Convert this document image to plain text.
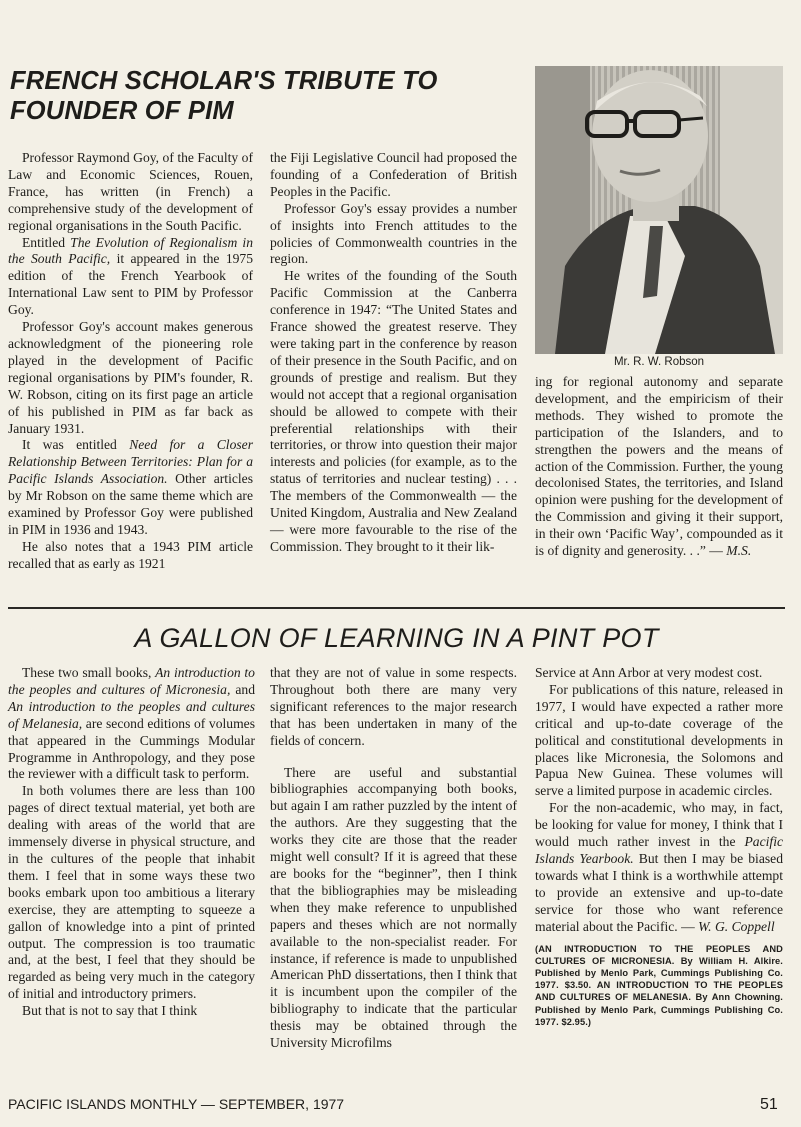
FRENCH SCHOLAR'S TRIBUTE TO FOUNDER OF PIM

Professor Raymond Goy, of the Faculty of Law and Economic Sciences, Rouen, France, has written (in French) a comprehensive study of the development of regional organisations in the South Pacific.

Entitled The Evolution of Regionalism in the South Pacific, it appeared in the 1975 edition of the French Yearbook of International Law sent to PIM by Professor Goy.

Professor Goy's account makes generous acknowledgment of the pioneering role played in the development of Pacific regional organisations by PIM's founder, R. W. Robson, citing on its first page an article of his published in PIM as far back as January 1931.

It was entitled Need for a Closer Relationship Between Territories: Plan for a Pacific Islands Association. Other articles by Mr Robson on the same theme which are examined by Professor Goy were published in PIM in 1936 and 1943.

He also notes that a 1943 PIM article recalled that as early as 1921

the Fiji Legislative Council had proposed the founding of a Confederation of British Peoples in the Pacific.

Professor Goy's essay provides a number of insights into French attitudes to the policies of Commonwealth countries in the region.

He writes of the founding of the South Pacific Commission at the Canberra conference in 1947: “The United States and France showed the greatest reserve. They were taking part in the conference by reason of their presence in the South Pacific, and on grounds of prestige and realism. But they would not accept that a regional organisation should be allowed to compete with their preferential relationships with their territories, or throw into question their major interests and policies (for example, as to the status of territories and nuclear testing) . . . The members of the Commonwealth — the United Kingdom, Australia and New Zealand — were more favourable to the rise of the Commission. They brought to it their lik-

Mr. R. W. Robson

ing for regional autonomy and separate development, and the empiricism of their methods. They wished to promote the participation of the Islanders, and to strengthen the powers and the means of action of the Commission. Further, the young decolonised States, the territories, and Island opinion were pushing for the development of the Commission and giving it their support, in their own ‘Pacific Way’, compounded as it is of dignity and generosity. . .” — M.S.

A GALLON OF LEARNING IN A PINT POT

These two small books, An introduction to the peoples and cultures of Micronesia, and An introduction to the peoples and cultures of Melanesia, are second editions of volumes that appeared in the Cummings Modular Programme in Anthropology, and they pose the reviewer with a difficult task to perform.

In both volumes there are less than 100 pages of direct textual material, yet both are dealing with areas of the world that are immensely diverse in physical structure, and in the cultures of the people that inhabit them. I feel that in some ways these two books embark upon too ambitious a literary exercise, they are attempting to squeeze a gallon of knowledge into a pint of printed output. The compression is too traumatic and, at the best, I feel that they should be regarded as being very much in the category of initial and introductory primers.

But that is not to say that I think

that they are not of value in some respects. Throughout both there are many very significant references to the major research that has been undertaken in many of the fields of concern.

There are useful and substantial bibliographies accompanying both books, but again I am rather puzzled by the intent of the authors. Are they suggesting that the works they cite are those that the reader might well consult? If it is agreed that these are books for the “beginner”, then I think that the bibliographies may be misleading when they make reference to unpublished papers and theses which are not normally available to the non-specialist reader. For instance, if reference is made to unpublished American PhD dissertations, then I think that it is incumbent upon the compiler of the bibliography to indicate that the particular thesis may be obtained through the University Microfilms

Service at Ann Arbor at very modest cost.

For publications of this nature, released in 1977, I would have expected a rather more critical and up-to-date coverage of the political and constitutional developments in places like Micronesia, the Solomons and Papua New Guinea. These volumes will serve a limited purpose in academic circles.

For the non-academic, who may, in fact, be looking for value for money, I think that I would much rather invest in the Pacific Islands Yearbook. But then I may be biased towards what I think is a worthwhile attempt to provide an extensive and up-to-date service for those who want reference material about the Pacific. — W. G. Coppell

(AN INTRODUCTION TO THE PEOPLES AND CULTURES OF MICRONESIA. By William H. Alkire. Published by Menlo Park, Cummings Publishing Co. 1977. $3.50. AN INTRODUCTION TO THE PEOPLES AND CULTURES OF MELANESIA. By Ann Chowning. Published by Menlo Park, Cummings Publishing Co. 1977. $2.95.)
PACIFIC ISLANDS MONTHLY — SEPTEMBER, 1977	51
